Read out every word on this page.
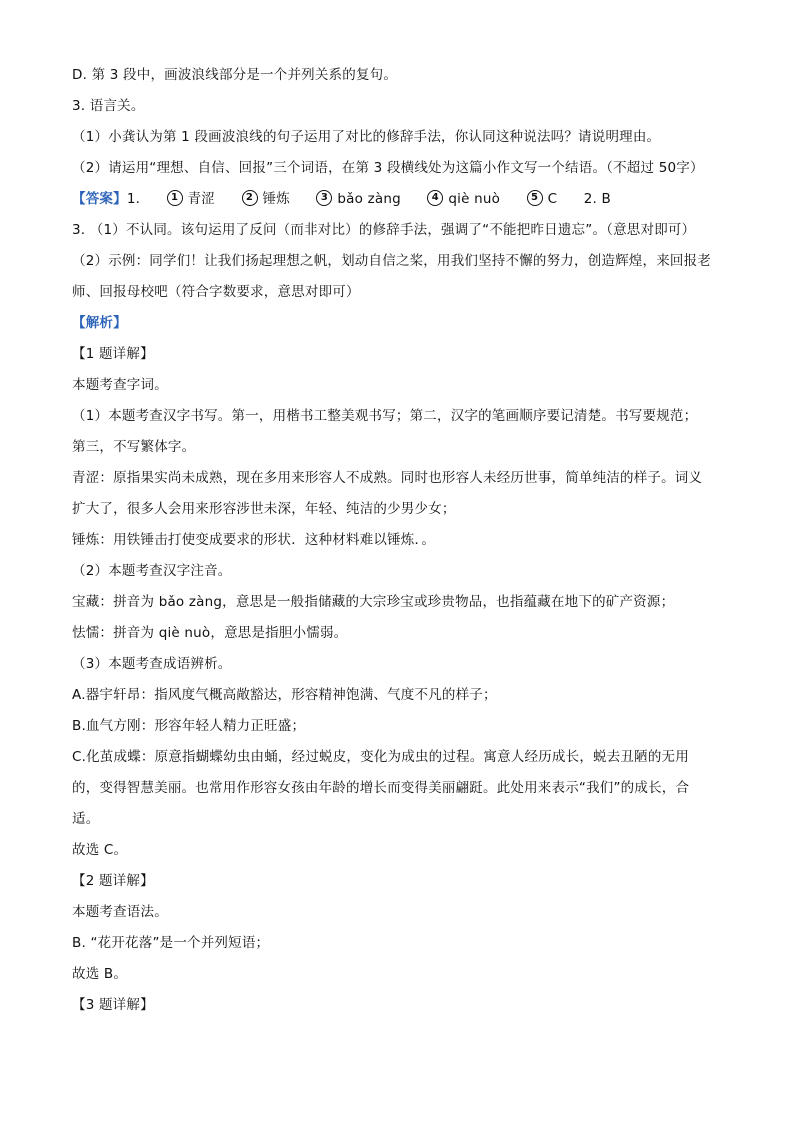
D. 第 3 段中，画波浪线部分是一个并列关系的复句。
3. 语言关。
（1）小龚认为第 1 段画波浪线的句子运用了对比的修辞手法，你认同这种说法吗？请说明理由。
（2）请运用“理想、自信、回报”三个词语，在第 3 段横线处为这篇小作文写一个结语。（不超过 50字）
【答案】1.	1 青涩	2 锤炼	3 bǎo zàng	4 qiè nuò	5 C 2. B
3. （1）不认同。该句运用了反问（而非对比）的修辞手法，强调了“不能把昨日遗忘”。（意思对即可）
（2）示例：同学们！让我们扬起理想之帆，划动自信之桨，用我们坚持不懈的努力，创造辉煌，来回报老
师、回报母校吧（符合字数要求，意思对即可）
【解析】
【1 题详解】
本题考查字词。
（1）本题考查汉字书写。第一，用楷书工整美观书写；第二，汉字的笔画顺序要记清楚。书写要规范；
第三，不写繁体字。
青涩：原指果实尚未成熟，现在多用来形容人不成熟。同时也形容人未经历世事，简单纯洁的样子。词义
扩大了，很多人会用来形容涉世未深，年轻、纯洁的少男少女；
锤炼：用铁锤击打使变成要求的形状．这种材料难以锤炼．。
（2）本题考查汉字注音。
宝藏：拼音为 bǎo zàng，意思是一般指储藏的大宗珍宝或珍贵物品，也指蕴藏在地下的矿产资源；
怯懦：拼音为 qiè nuò，意思是指胆小懦弱。
（3）本题考查成语辨析。
A.器宇轩昂：指风度气概高敞豁达，形容精神饱满、气度不凡的样子；
B.血气方刚：形容年轻人精力正旺盛；
C.化茧成蝶：原意指蝴蝶幼虫由蛹，经过蜕皮，变化为成虫的过程。寓意人经历成长，蜕去丑陋的无用
的，变得智慧美丽。也常用作形容女孩由年龄的增长而变得美丽翩跹。此处用来表示“我们”的成长，合
适。
故选 C。
【2 题详解】
本题考查语法。
B. “花开花落”是一个并列短语；
故选 B。
【3 题详解】
